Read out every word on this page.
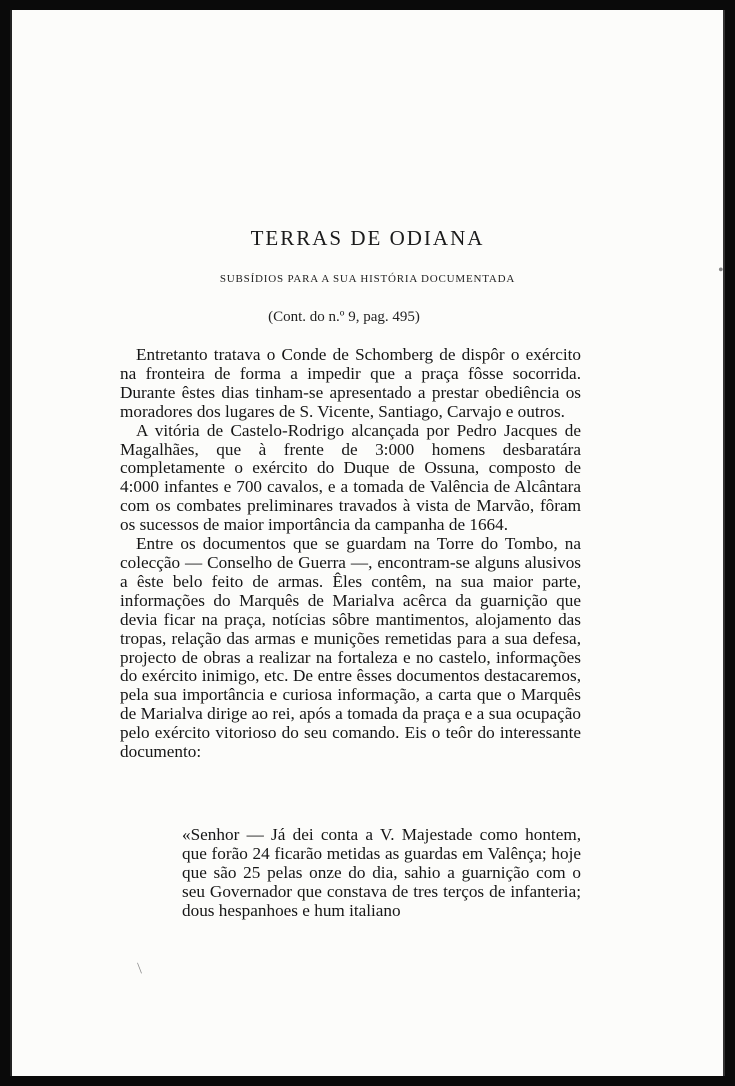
TERRAS DE ODIANA
SUBSÍDIOS PARA A SUA HISTÓRIA DOCUMENTADA
(Cont. do n.º 9, pag. 495)

Entretanto tratava o Conde de Schomberg de dispôr o exército na fronteira de forma a impedir que a praça fôsse socorrida. Durante êstes dias tinham-se apresentado a prestar obediência os moradores dos lugares de S. Vicente, Santiago, Carvajo e outros.

A vitória de Castelo-Rodrigo alcançada por Pedro Jacques de Magalhães, que à frente de 3:000 homens desbaratára completamente o exército do Duque de Ossuna, composto de 4:000 infantes e 700 cavalos, e a tomada de Valência de Alcântara com os combates preliminares travados à vista de Marvão, fôram os sucessos de maior importância da campanha de 1664.

Entre os documentos que se guardam na Torre do Tombo, na colecção — Conselho de Guerra —, encontram-se alguns alusivos a êste belo feito de armas. Êles contêm, na sua maior parte, informações do Marquês de Marialva acêrca da guarnição que devia ficar na praça, notícias sôbre mantimentos, alojamento das tropas, relação das armas e munições remetidas para a sua defesa, projecto de obras a realizar na fortaleza e no castelo, informações do exército inimigo, etc. De entre êsses documentos destacaremos, pela sua importância e curiosa informação, a carta que o Marquês de Marialva dirige ao rei, após a tomada da praça e a sua ocupação pelo exército vitorioso do seu comando. Eis o teôr do interessante documento:

«Senhor — Já dei conta a V. Majestade como hontem, que forão 24 ficarão metidas as guardas em Valênça; hoje que são 25 pelas onze do dia, sahio a guarnição com o seu Governador que constava de tres terços de infanteria; dous hespanhoes e hum italiano
•
/
